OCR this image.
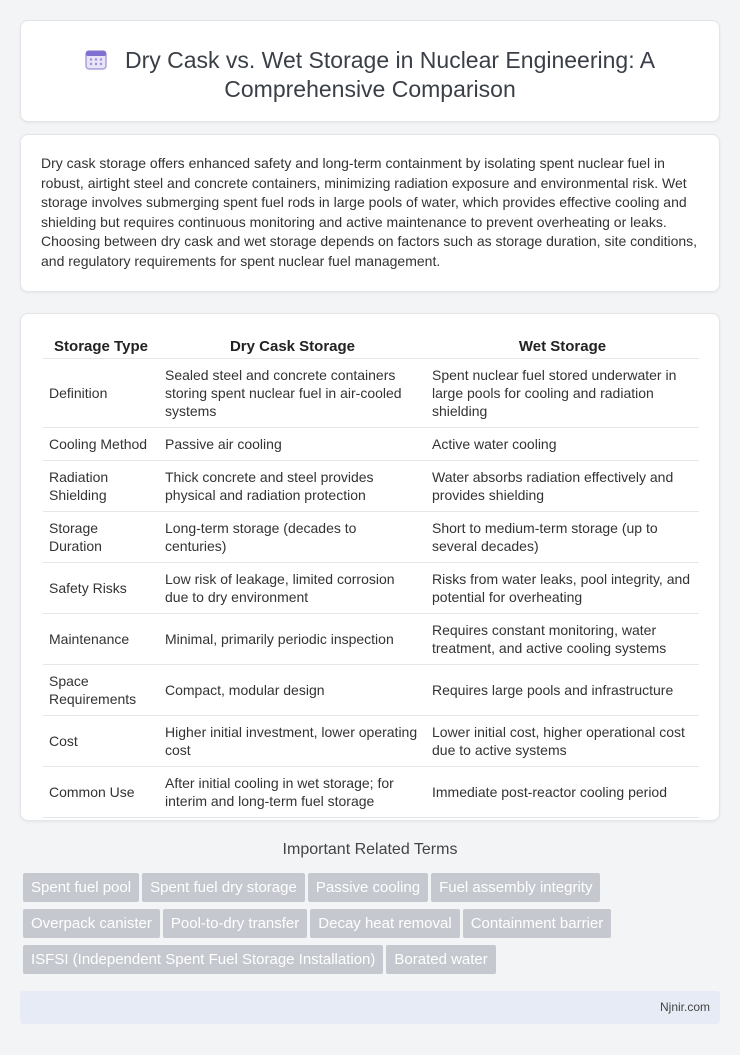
Dry Cask vs. Wet Storage in Nuclear Engineering: A Comprehensive Comparison

Dry cask storage offers enhanced safety and long-term containment by isolating spent nuclear fuel in robust, airtight steel and concrete containers, minimizing radiation exposure and environmental risk. Wet storage involves submerging spent fuel rods in large pools of water, which provides effective cooling and shielding but requires continuous monitoring and active maintenance to prevent overheating or leaks. Choosing between dry cask and wet storage depends on factors such as storage duration, site conditions, and regulatory requirements for spent nuclear fuel management.

Storage Type	Dry Cask Storage	Wet Storage
Definition	Sealed steel and concrete containers storing spent nuclear fuel in air-cooled systems	Spent nuclear fuel stored underwater in large pools for cooling and radiation shielding
Cooling Method	Passive air cooling	Active water cooling
Radiation Shielding	Thick concrete and steel provides physical and radiation protection	Water absorbs radiation effectively and provides shielding
Storage Duration	Long-term storage (decades to centuries)	Short to medium-term storage (up to several decades)
Safety Risks	Low risk of leakage, limited corrosion due to dry environment	Risks from water leaks, pool integrity, and potential for overheating
Maintenance	Minimal, primarily periodic inspection	Requires constant monitoring, water treatment, and active cooling systems
Space Requirements	Compact, modular design	Requires large pools and infrastructure
Cost	Higher initial investment, lower operating cost	Lower initial cost, higher operational cost due to active systems
Common Use	After initial cooling in wet storage; for interim and long-term fuel storage	Immediate post-reactor cooling period
Important Related Terms
Spent fuel pool Spent fuel dry storage Passive cooling Fuel assembly integrity
Overpack canister Pool-to-dry transfer Decay heat removal Containment barrier
ISFSI (Independent Spent Fuel Storage Installation) Borated water
Njnir.com
